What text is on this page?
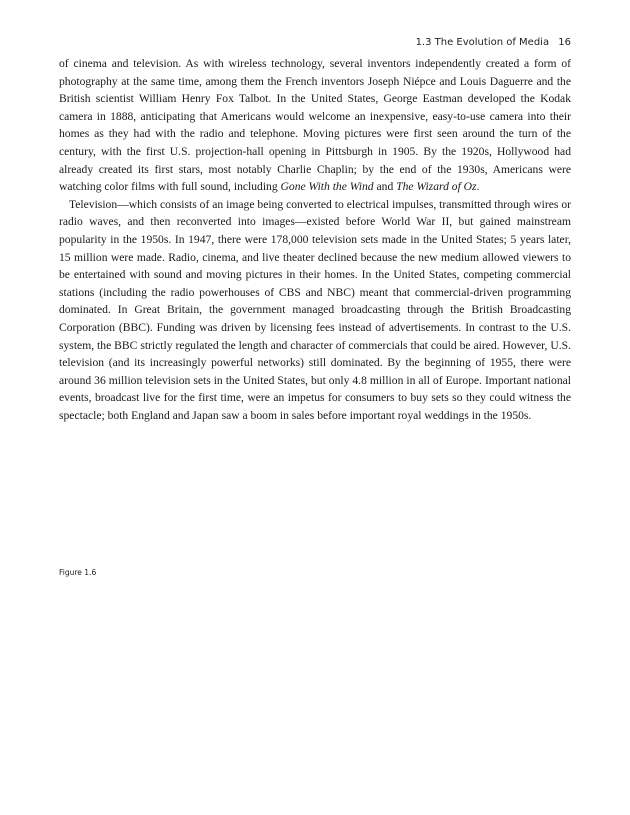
1.3 The Evolution of Media 16

of cinema and television. As with wireless technology, several inventors independently created a form of photography at the same time, among them the French inventors Joseph Niépce and Louis Daguerre and the British scientist William Henry Fox Talbot. In the United States, George Eastman developed the Kodak camera in 1888, anticipating that Americans would welcome an inexpensive, easy-to-use camera into their homes as they had with the radio and telephone. Moving pictures were first seen around the turn of the century, with the first U.S. projection-hall opening in Pittsburgh in 1905. By the 1920s, Hollywood had already created its first stars, most notably Charlie Chaplin; by the end of the 1930s, Americans were watching color films with full sound, including Gone With the Wind and The Wizard of Oz.

Television—which consists of an image being converted to electrical impulses, transmitted through wires or radio waves, and then reconverted into images—existed before World War II, but gained mainstream popularity in the 1950s. In 1947, there were 178,000 television sets made in the United States; 5 years later, 15 million were made. Radio, cinema, and live theater declined because the new medium allowed viewers to be entertained with sound and moving pictures in their homes. In the United States, competing commercial stations (including the radio powerhouses of CBS and NBC) meant that commercial-driven programming dominated. In Great Britain, the government managed broadcasting through the British Broadcasting Corporation (BBC). Funding was driven by licensing fees instead of advertisements. In contrast to the U.S. system, the BBC strictly regulated the length and character of commercials that could be aired. However, U.S. television (and its increasingly powerful networks) still dominated. By the beginning of 1955, there were around 36 million television sets in the United States, but only 4.8 million in all of Europe. Important national events, broadcast live for the first time, were an impetus for consumers to buy sets so they could witness the spectacle; both England and Japan saw a boom in sales before important royal weddings in the 1950s.

Figure 1.6
